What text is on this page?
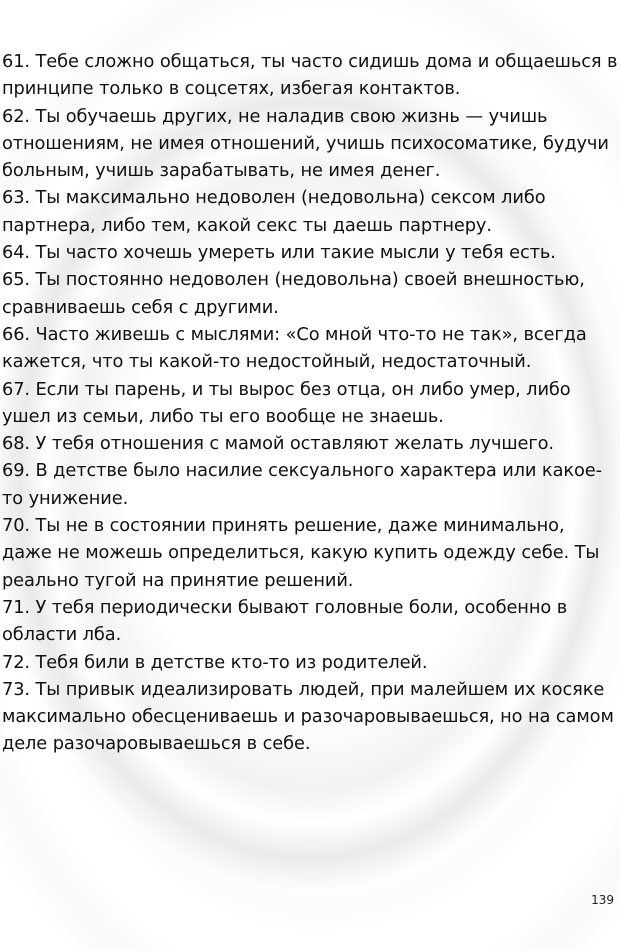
61. Тебе сложно общаться, ты часто сидишь дома и общаешься в принципе только в соцсетях, избегая контактов.

62. Ты обучаешь других, не наладив свою жизнь — учишь отношениям, не имея отношений, учишь психосоматике, будучи больным, учишь зарабатывать, не имея денег.

63. Ты максимально недоволен (недовольна) сексом либо партнера, либо тем, какой секс ты даешь партнеру.

64. Ты часто хочешь умереть или такие мысли у тебя есть.

65. Ты постоянно недоволен (недовольна) своей внешностью, сравниваешь себя с другими.

66. Часто живешь с мыслями: «Со мной что-то не так», всегда кажется, что ты какой-то недостойный, недостаточный.

67. Если ты парень, и ты вырос без отца, он либо умер, либо ушел из семьи, либо ты его вообще не знаешь.

68. У тебя отношения с мамой оставляют желать лучшего.

69. В детстве было насилие сексуального характера или какое-то унижение.

70. Ты не в состоянии принять решение, даже минимально, даже не можешь определиться, какую купить одежду себе. Ты реально тугой на принятие решений.

71. У тебя периодически бывают головные боли, особенно в области лба.

72. Тебя били в детстве кто-то из родителей.

73. Ты привык идеализировать людей, при малейшем их косяке максимально обесцениваешь и разочаровываешься, но на самом деле разочаровываешься в себе.

139
